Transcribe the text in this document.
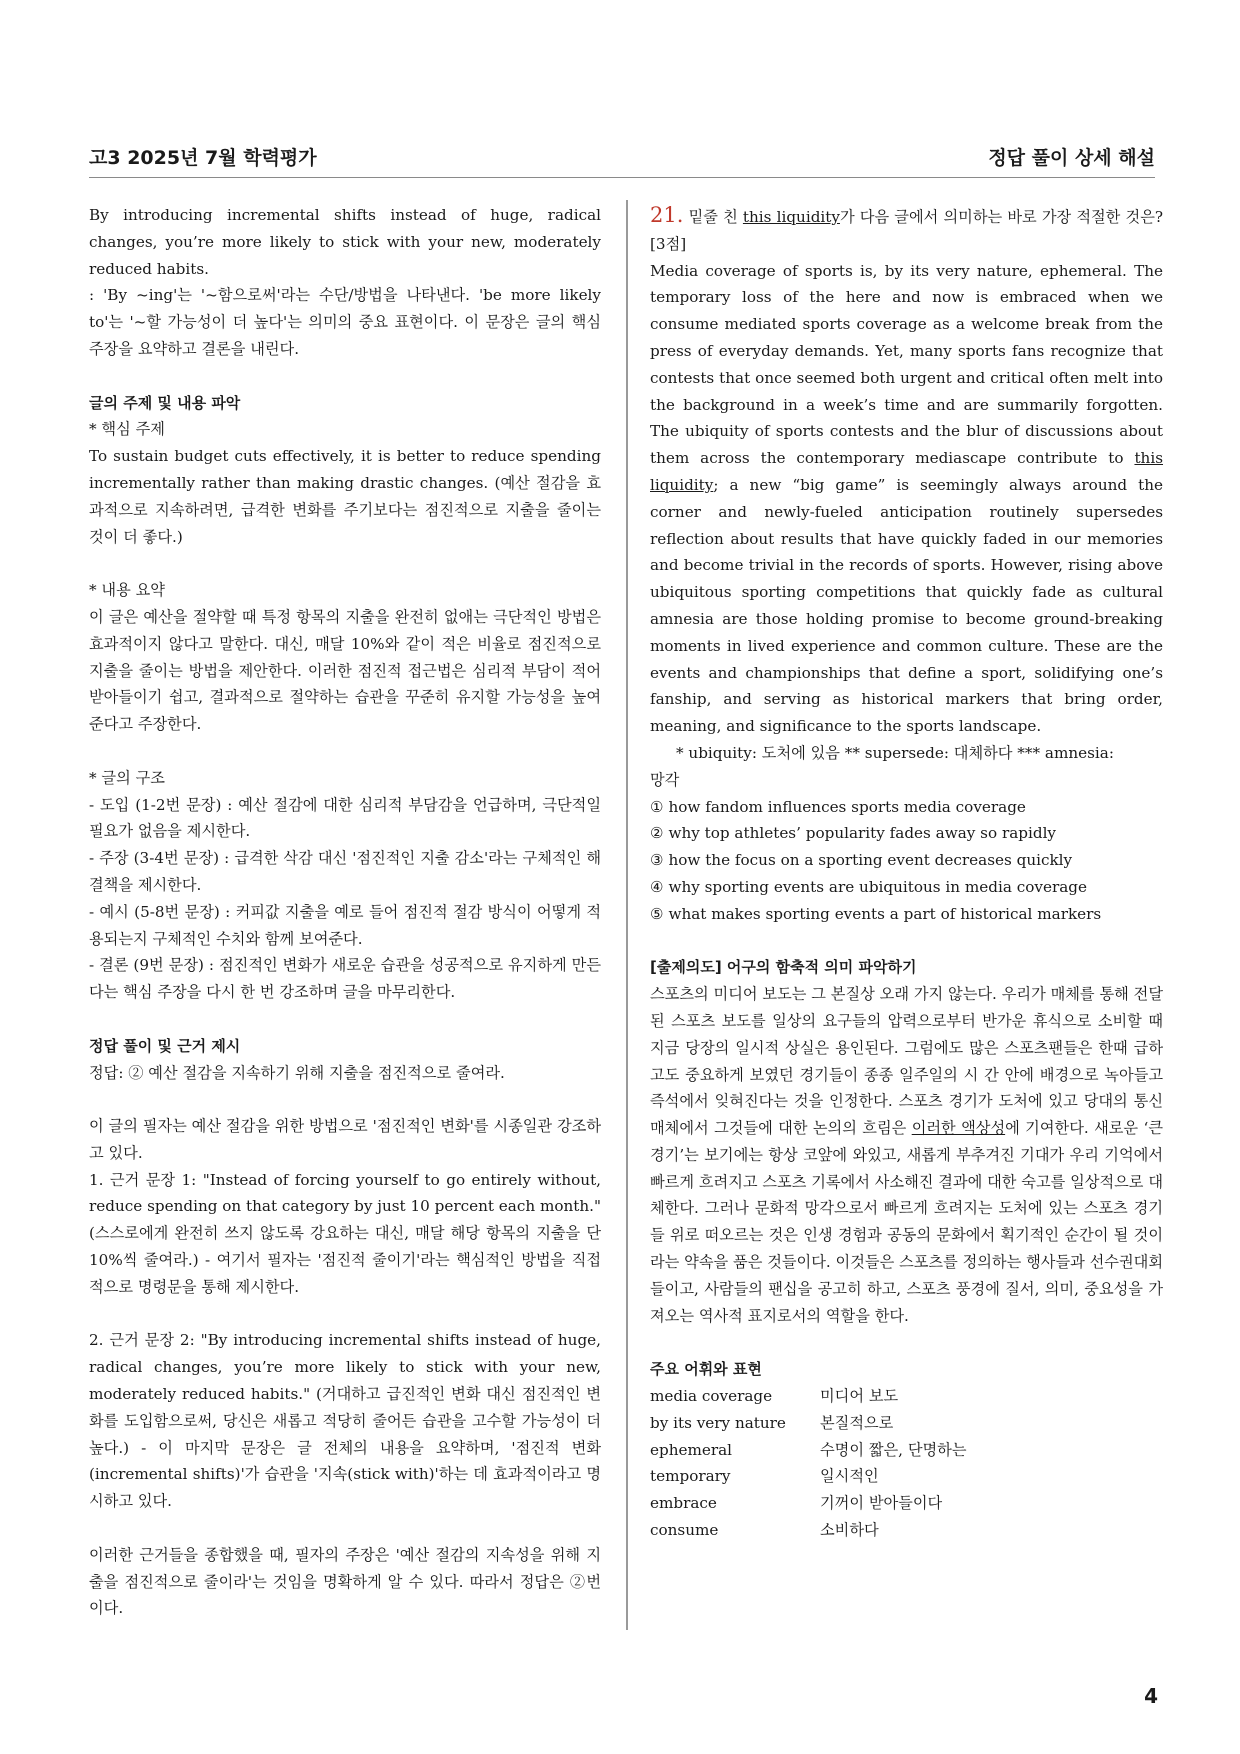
고3 2025년 7월 학력평가	정답 풀이 상세 해설

By introducing incremental shifts instead of huge, radical changes, you’re more likely to stick with your new, moderately reduced habits.

: 'By ~ing'는 '~함으로써'라는 수단/방법을 나타낸다. 'be more likely to'는 '~할 가능성이 더 높다'는 의미의 중요 표현이다. 이 문장은 글의 핵심 주장을 요약하고 결론을 내린다.

글의 주제 및 내용 파악

* 핵심 주제

To sustain budget cuts effectively, it is better to reduce spending incrementally rather than making drastic changes. (예산 절감을 효과적으로 지속하려면, 급격한 변화를 주기보다는 점진적으로 지출을 줄이는 것이 더 좋다.)

* 내용 요약

이 글은 예산을 절약할 때 특정 항목의 지출을 완전히 없애는 극단적인 방법은 효과적이지 않다고 말한다. 대신, 매달 10%와 같이 적은 비율로 점진적으로 지출을 줄이는 방법을 제안한다. 이러한 점진적 접근법은 심리적 부담이 적어 받아들이기 쉽고, 결과적으로 절약하는 습관을 꾸준히 유지할 가능성을 높여준다고 주장한다.

* 글의 구조

- 도입 (1-2번 문장) : 예산 절감에 대한 심리적 부담감을 언급하며, 극단적일 필요가 없음을 제시한다.

- 주장 (3-4번 문장) : 급격한 삭감 대신 '점진적인 지출 감소'라는 구체적인 해결책을 제시한다.

- 예시 (5-8번 문장) : 커피값 지출을 예로 들어 점진적 절감 방식이 어떻게 적용되는지 구체적인 수치와 함께 보여준다.

- 결론 (9번 문장) : 점진적인 변화가 새로운 습관을 성공적으로 유지하게 만든다는 핵심 주장을 다시 한 번 강조하며 글을 마무리한다.

정답 풀이 및 근거 제시

정답: ② 예산 절감을 지속하기 위해 지출을 점진적으로 줄여라.

이 글의 필자는 예산 절감을 위한 방법으로 '점진적인 변화'를 시종일관 강조하고 있다.

1. 근거 문장 1: "Instead of forcing yourself to go entirely without, reduce spending on that category by just 10 percent each month." (스스로에게 완전히 쓰지 않도록 강요하는 대신, 매달 해당 항목의 지출을 단 10%씩 줄여라.) - 여기서 필자는 '점진적 줄이기'라는 핵심적인 방법을 직접적으로 명령문을 통해 제시한다.

2. 근거 문장 2: "By introducing incremental shifts instead of huge, radical changes, you’re more likely to stick with your new, moderately reduced habits." (거대하고 급진적인 변화 대신 점진적인 변화를 도입함으로써, 당신은 새롭고 적당히 줄어든 습관을 고수할 가능성이 더 높다.) - 이 마지막 문장은 글 전체의 내용을 요약하며, '점진적 변화(incremental shifts)'가 습관을 '지속(stick with)'하는 데 효과적이라고 명시하고 있다.

이러한 근거들을 종합했을 때, 필자의 주장은 '예산 절감의 지속성을 위해 지출을 점진적으로 줄이라'는 것임을 명확하게 알 수 있다. 따라서 정답은 ②번이다.

21. 밑줄 친 this liquidity가 다음 글에서 의미하는 바로 가장 적절한 것은? [3점]

Media coverage of sports is, by its very nature, ephemeral. The temporary loss of the here and now is embraced when we consume mediated sports coverage as a welcome break from the press of everyday demands. Yet, many sports fans recognize that contests that once seemed both urgent and critical often melt into the background in a week’s time and are summarily forgotten. The ubiquity of sports contests and the blur of discussions about them across the contemporary mediascape contribute to this liquidity; a new “big game” is seemingly always around the corner and newly-fueled anticipation routinely supersedes reflection about results that have quickly faded in our memories and become trivial in the records of sports. However, rising above ubiquitous sporting competitions that quickly fade as cultural amnesia are those holding promise to become ground-breaking moments in lived experience and common culture. These are the events and championships that define a sport, solidifying one’s fanship, and serving as historical markers that bring order, meaning, and significance to the sports landscape.

* ubiquity: 도처에 있음 ** supersede: 대체하다 *** amnesia:

망각

① how fandom influences sports media coverage

② why top athletes’ popularity fades away so rapidly

③ how the focus on a sporting event decreases quickly

④ why sporting events are ubiquitous in media coverage

⑤ what makes sporting events a part of historical markers

[출제의도] 어구의 함축적 의미 파악하기

스포츠의 미디어 보도는 그 본질상 오래 가지 않는다. 우리가 매체를 통해 전달된 스포츠 보도를 일상의 요구들의 압력으로부터 반가운 휴식으로 소비할 때 지금 당장의 일시적 상실은 용인된다. 그럼에도 많은 스포츠팬들은 한때 급하고도 중요하게 보였던 경기들이 종종 일주일의 시 간 안에 배경으로 녹아들고 즉석에서 잊혀진다는 것을 인정한다. 스포츠 경기가 도처에 있고 당대의 통신매체에서 그것들에 대한 논의의 흐림은 이러한 액상성에 기여한다. 새로운 ‘큰 경기’는 보기에는 항상 코앞에 와있고, 새롭게 부추겨진 기대가 우리 기억에서 빠르게 흐려지고 스포츠 기록에서 사소해진 결과에 대한 숙고를 일상적으로 대체한다. 그러나 문화적 망각으로서 빠르게 흐려지는 도처에 있는 스포츠 경기들 위로 떠오르는 것은 인생 경험과 공동의 문화에서 획기적인 순간이 될 것이라는 약속을 품은 것들이다. 이것들은 스포츠를 정의하는 행사들과 선수권대회들이고, 사람들의 팬십을 공고히 하고, 스포츠 풍경에 질서, 의미, 중요성을 가져오는 역사적 표지로서의 역할을 한다.

주요 어휘와 표현

media coverage	미디어 보도
by its very nature	본질적으로
ephemeral	수명이 짧은, 단명하는
temporary	일시적인
embrace	기꺼이 받아들이다
consume	소비하다
4
